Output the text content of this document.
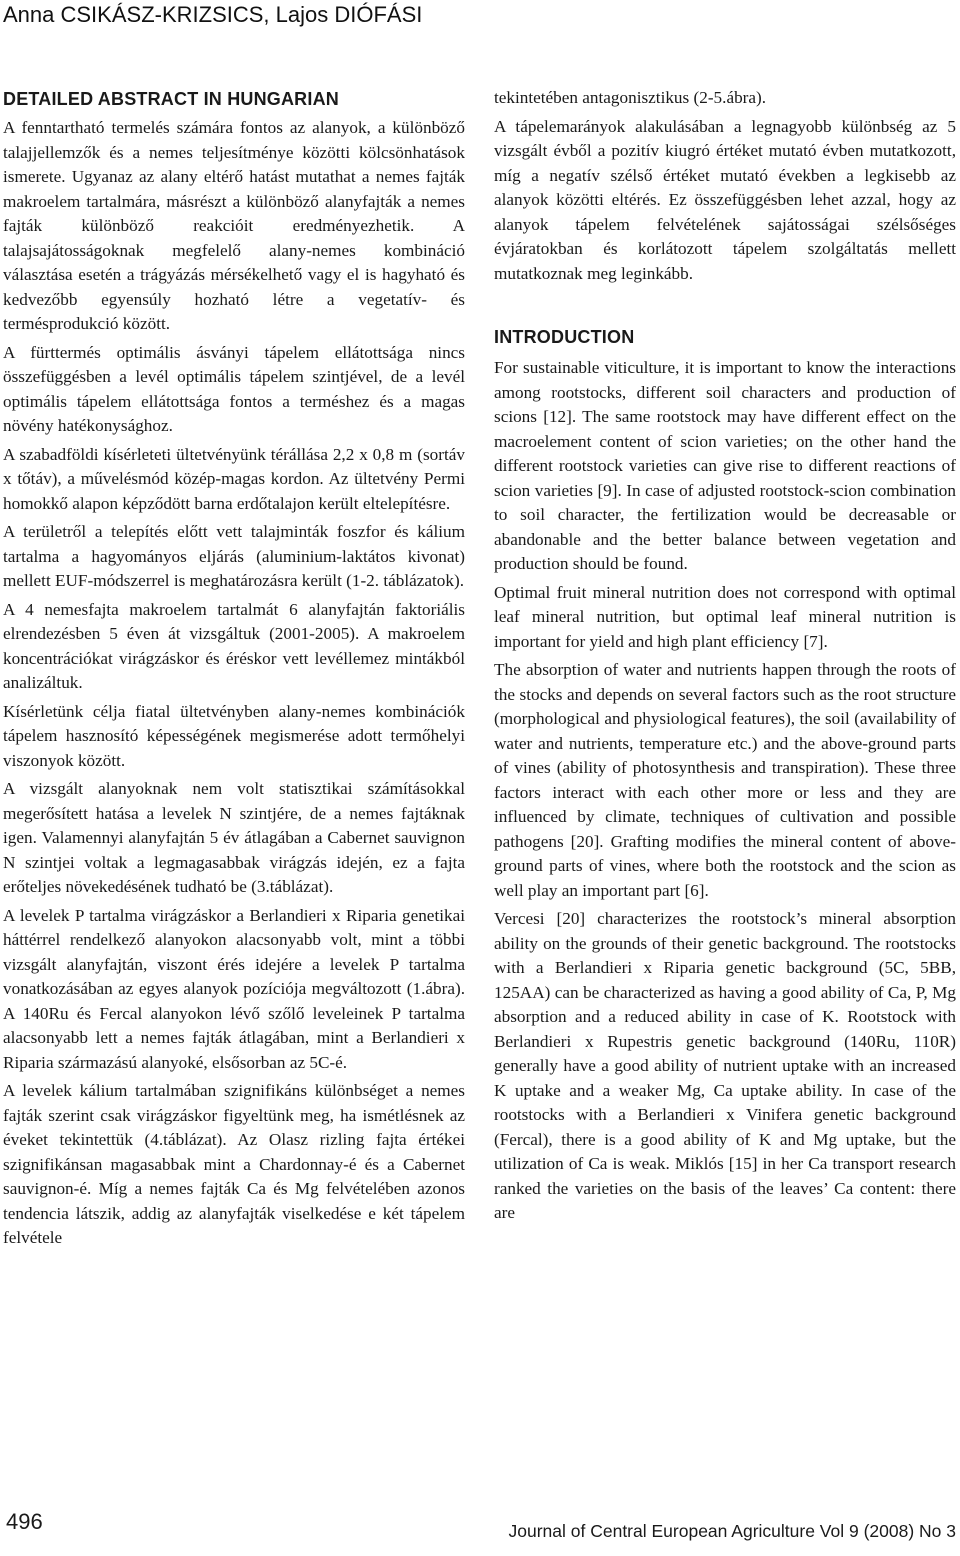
Anna CSIKÁSZ-KRIZSICS, Lajos DIÓFÁSI
DETAILED ABSTRACT IN HUNGARIAN

A fenntartható termelés számára fontos az alanyok, a különböző talajjellemzők és a nemes teljesítménye közötti kölcsönhatások ismerete. Ugyanaz az alany eltérő hatást mutathat a nemes fajták makroelem tartalmára, másrészt a különböző alanyfajták a nemes fajták különböző reakcióit eredményezhetik. A talajsajátosságoknak megfelelő alany-nemes kombináció választása esetén a trágyázás mérsékelhető vagy el is hagyható és kedvezőbb egyensúly hozható létre a vegetatív- és termésprodukció között.

A fürttermés optimális ásványi tápelem ellátottsága nincs összefüggésben a levél optimális tápelem szintjével, de a levél optimális tápelem ellátottsága fontos a terméshez és a magas növény hatékonysághoz.

A szabadföldi kísérleteti ültetvényünk térállása 2,2 x 0,8 m (sortáv x tőtáv), a művelésmód közép-magas kordon. Az ültetvény Permi homokkő alapon képződött barna erdőtalajon került eltelepítésre.

A területről a telepítés előtt vett talajminták foszfor és kálium tartalma a hagyományos eljárás (aluminium-laktátos kivonat) mellett EUF-módszerrel is meghatározásra került (1-2. táblázatok).

A 4 nemesfajta makroelem tartalmát 6 alanyfajtán faktoriális elrendezésben 5 éven át vizsgáltuk (2001-2005). A makroelem koncentrációkat virágzáskor és éréskor vett levéllemez mintákból analizáltuk.

Kísérletünk célja fiatal ültetvényben alany-nemes kombinációk tápelem hasznosító képességének megismerése adott termőhelyi viszonyok között.

A vizsgált alanyoknak nem volt statisztikai számításokkal megerősített hatása a levelek N szintjére, de a nemes fajtáknak igen. Valamennyi alanyfajtán 5 év átlagában a Cabernet sauvignon N szintjei voltak a legmagasabbak virágzás idején, ez a fajta erőteljes növekedésének tudható be (3.táblázat).

A levelek P tartalma virágzáskor a Berlandieri x Riparia genetikai háttérrel rendelkező alanyokon alacsonyabb volt, mint a többi vizsgált alanyfajtán, viszont érés idejére a levelek P tartalma vonatkozásában az egyes alanyok pozíciója megváltozott (1.ábra). A 140Ru és Fercal alanyokon lévő szőlő leveleinek P tartalma alacsonyabb lett a nemes fajták átlagában, mint a Berlandieri x Riparia származású alanyoké, elsősorban az 5C-é.

A levelek kálium tartalmában szignifikáns különbséget a nemes fajták szerint csak virágzáskor figyeltünk meg, ha ismétlésnek az éveket tekintettük (4.táblázat). Az Olasz rizling fajta értékei szignifikánsan magasabbak mint a Chardonnay-é és a Cabernet sauvignon-é. Míg a nemes fajták Ca és Mg felvételében azonos tendencia látszik, addig az alanyfajták viselkedése e két tápelem felvétele

tekintetében antagonisztikus (2-5.ábra).

A tápelemarányok alakulásában a legnagyobb különbség az 5 vizsgált évből a pozitív kiugró értéket mutató évben mutatkozott, míg a negatív szélső értéket mutató években a legkisebb az alanyok közötti eltérés. Ez összefüggésben lehet azzal, hogy az alanyok tápelem felvételének sajátosságai szélsőséges évjáratokban és korlátozott tápelem szolgáltatás mellett mutatkoznak meg leginkább.

INTRODUCTION

For sustainable viticulture, it is important to know the interactions among rootstocks, different soil characters and production of scions [12]. The same rootstock may have different effect on the macroelement content of scion varieties; on the other hand the different rootstock varieties can give rise to different reactions of scion varieties [9]. In case of adjusted rootstock-scion combination to soil character, the fertilization would be decreasable or abandonable and the better balance between vegetation and production should be found.

Optimal fruit mineral nutrition does not correspond with optimal leaf mineral nutrition, but optimal leaf mineral nutrition is important for yield and high plant efficiency [7].

The absorption of water and nutrients happen through the roots of the stocks and depends on several factors such as the root structure (morphological and physiological features), the soil (availability of water and nutrients, temperature etc.) and the above-ground parts of vines (ability of photosynthesis and transpiration). These three factors interact with each other more or less and they are influenced by climate, techniques of cultivation and possible pathogens [20]. Grafting modifies the mineral content of above-ground parts of vines, where both the rootstock and the scion as well play an important part [6].

Vercesi [20] characterizes the rootstock’s mineral absorption ability on the grounds of their genetic background. The rootstocks with a Berlandieri x Riparia genetic background (5C, 5BB, 125AA) can be characterized as having a good ability of Ca, P, Mg absorption and a reduced ability in case of K. Rootstock with Berlandieri x Rupestris genetic background (140Ru, 110R) generally have a good ability of nutrient uptake with an increased K uptake and a weaker Mg, Ca uptake ability. In case of the rootstocks with a Berlandieri x Vinifera genetic background (Fercal), there is a good ability of K and Mg uptake, but the utilization of Ca is weak. Miklós [15] in her Ca transport research ranked the varieties on the basis of the leaves’ Ca content: there are

496	Journal of Central European Agriculture Vol 9 (2008) No 3
